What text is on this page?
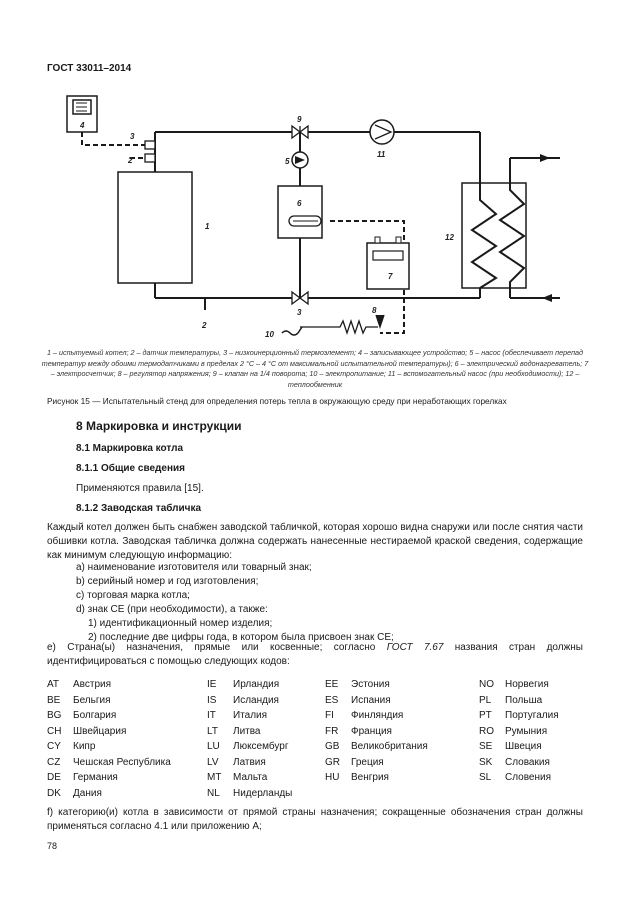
ГОСТ 33011–2014
1
2
2
3
3
4
5
6
7
8
9
10
11
12
1 – испытуемый котел; 2 – датчик температуры, 3 – низкоинерционный термоэлемент; 4 – записывающее устройство; 5 – насос (обеспечивает перепад температур между обоими термодатчиками в пределах 2 °С – 4 °С от максимальной испытательной температуры); 6 – электрический водонагреватель; 7 – электросчетчик; 8 – регулятор напряжения; 9 – клапан на 1/4 поворота; 10 – электропитание; 11 – вспомогательный насос (при необходимости); 12 – теплообменник
Рисунок 15 — Испытательный стенд для определения потерь тепла в окружающую среду при неработающих горелках
8 Маркировка и инструкции
8.1 Маркировка котла
8.1.1 Общие сведения
Применяются правила [15].
8.1.2 Заводская табличка
Каждый котел должен быть снабжен заводской табличкой, которая хорошо видна снаружи или после снятия части обшивки котла. Заводская табличка должна содержать нанесенные нестираемой краской сведения, содержащие как минимум следующую информацию:
a) наименование изготовителя или товарный знак;
b) серийный номер и год изготовления;
c) торговая марка котла;
d) знак CE (при необходимости), а также:
1) идентификационный номер изделия;
2) последние две цифры года, в котором была присвоен знак CE;
e) Страна(ы) назначения, прямые или косвенные; согласно ГОСТ 7.67 названия стран должны идентифицироваться с помощью следующих кодов:
AT Австрия
BE Бельгия
BG Болгария
CH Швейцария
CY Кипр
CZ Чешская Республика
DE Германия
DK Дания
IE Ирландия
IS Исландия
IT Италия
LT Литва
LU Люксембург
LV Латвия
MT Мальта
NL Нидерланды
EE Эстония
ES Испания
FI Финляндия
FR Франция
GB Великобритания
GR Греция
HU Венгрия
NO Норвегия
PL Польша
PT Португалия
RO Румыния
SE Швеция
SK Словакия
SL Словения
f) категорию(и) котла в зависимости от прямой страны назначения; сокращенные обозначения стран должны применяться согласно 4.1 или приложению А;
78
